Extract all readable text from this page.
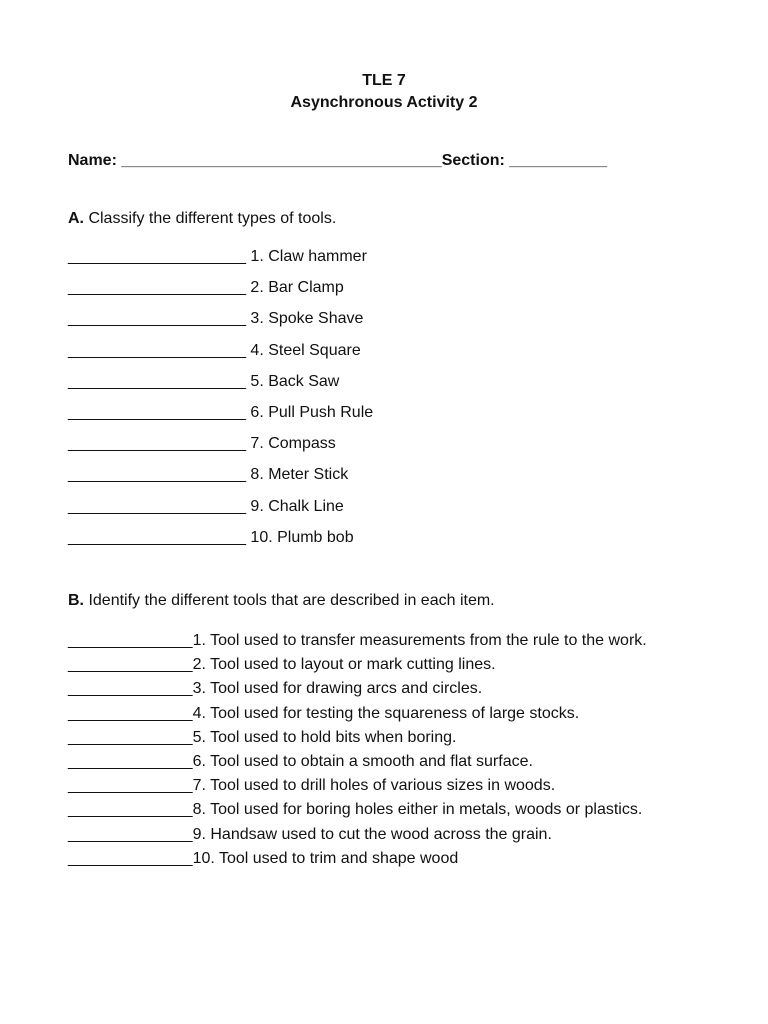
TLE 7
Asynchronous Activity 2
Name: ____________________________________Section: ___________
A. Classify the different types of tools.
____________________ 1. Claw hammer
____________________ 2. Bar Clamp
____________________ 3. Spoke Shave
____________________ 4. Steel Square
____________________ 5. Back Saw
____________________ 6. Pull Push Rule
____________________ 7. Compass
____________________ 8. Meter Stick
____________________ 9. Chalk Line
____________________ 10. Plumb bob
B. Identify the different tools that are described in each item.
______________1. Tool used to transfer measurements from the rule to the work.
______________2. Tool used to layout or mark cutting lines.
______________3. Tool used for drawing arcs and circles.
______________4. Tool used for testing the squareness of large stocks.
______________5. Tool used to hold bits when boring.
______________6. Tool used to obtain a smooth and flat surface.
______________7. Tool used to drill holes of various sizes in woods.
______________8. Tool used for boring holes either in metals, woods or plastics.
______________9. Handsaw used to cut the wood across the grain.
______________10. Tool used to trim and shape wood
